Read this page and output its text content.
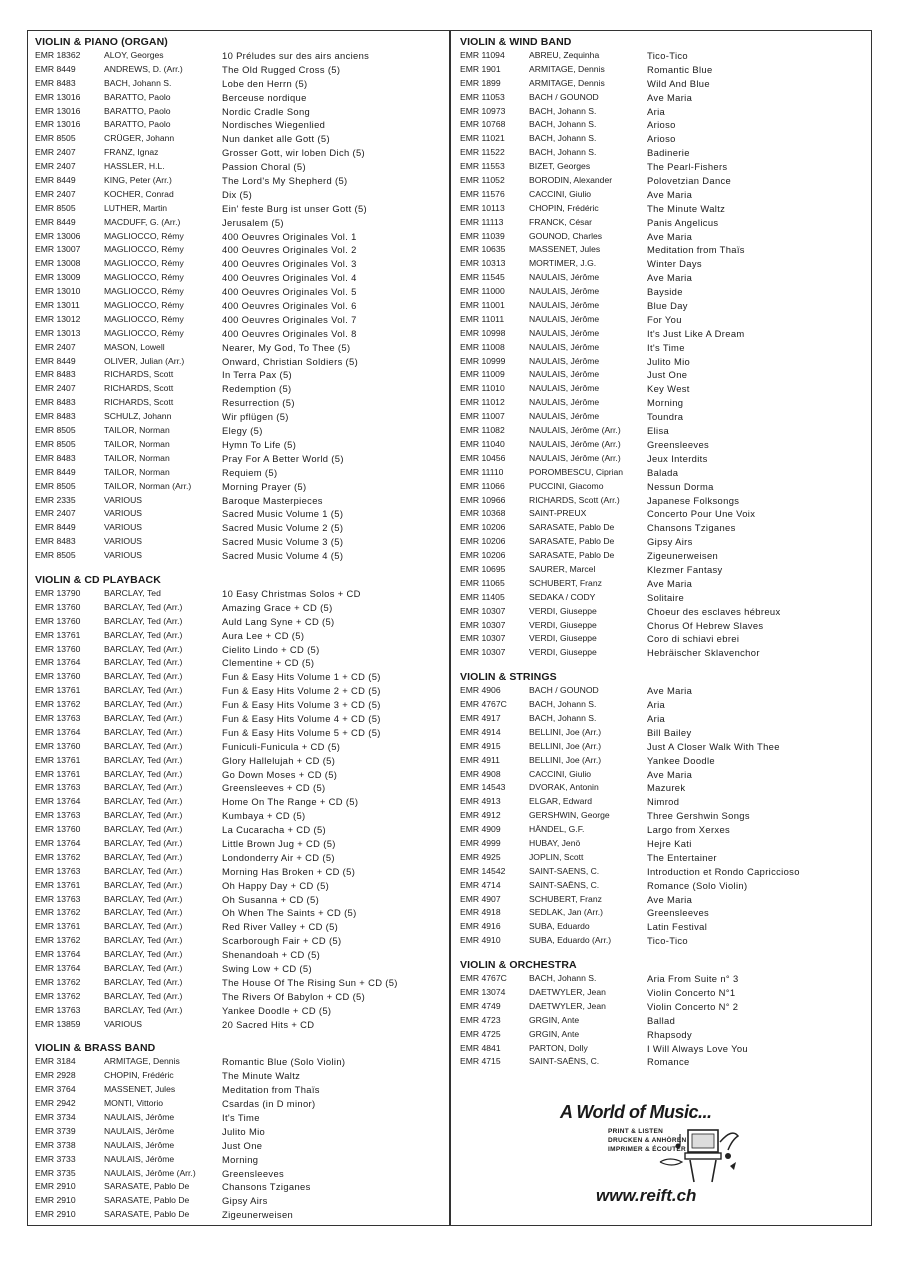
VIOLIN & PIANO (ORGAN)
EMR 18362	ALOY, Georges	10 Préludes sur des airs anciens
EMR 8449	ANDREWS, D. (Arr.)	The Old Rugged Cross (5)
EMR 8483	BACH, Johann S.	Lobe den Herrn (5)
EMR 13016	BARATTO, Paolo	Berceuse nordique
EMR 13016	BARATTO, Paolo	Nordic Cradle Song
EMR 13016	BARATTO, Paolo	Nordisches Wiegenlied
EMR 8505	CRÜGER, Johann	Nun danket alle Gott (5)
EMR 2407	FRANZ, Ignaz	Grosser Gott, wir loben Dich (5)
EMR 2407	HASSLER, H.L.	Passion Choral (5)
EMR 8449	KING, Peter (Arr.)	The Lord's My Shepherd (5)
EMR 2407	KOCHER, Conrad	Dix (5)
EMR 8505	LUTHER, Martin	Ein' feste Burg ist unser Gott (5)
EMR 8449	MACDUFF, G. (Arr.)	Jerusalem (5)
EMR 13006	MAGLIOCCO, Rémy	400 Oeuvres Originales Vol. 1
EMR 13007	MAGLIOCCO, Rémy	400 Oeuvres Originales Vol. 2
EMR 13008	MAGLIOCCO, Rémy	400 Oeuvres Originales Vol. 3
EMR 13009	MAGLIOCCO, Rémy	400 Oeuvres Originales Vol. 4
EMR 13010	MAGLIOCCO, Rémy	400 Oeuvres Originales Vol. 5
EMR 13011	MAGLIOCCO, Rémy	400 Oeuvres Originales Vol. 6
EMR 13012	MAGLIOCCO, Rémy	400 Oeuvres Originales Vol. 7
EMR 13013	MAGLIOCCO, Rémy	400 Oeuvres Originales Vol. 8
EMR 2407	MASON, Lowell	Nearer, My God, To Thee (5)
EMR 8449	OLIVER, Julian (Arr.)	Onward, Christian Soldiers (5)
EMR 8483	RICHARDS, Scott	In Terra Pax (5)
EMR 2407	RICHARDS, Scott	Redemption (5)
EMR 8483	RICHARDS, Scott	Resurrection (5)
EMR 8483	SCHULZ, Johann	Wir pflügen (5)
EMR 8505	TAILOR, Norman	Elegy (5)
EMR 8505	TAILOR, Norman	Hymn To Life (5)
EMR 8483	TAILOR, Norman	Pray For A Better World (5)
EMR 8449	TAILOR, Norman	Requiem (5)
EMR 8505	TAILOR, Norman (Arr.)	Morning Prayer (5)
EMR 2335	VARIOUS	Baroque Masterpieces
EMR 2407	VARIOUS	Sacred Music Volume 1 (5)
EMR 8449	VARIOUS	Sacred Music Volume 2 (5)
EMR 8483	VARIOUS	Sacred Music Volume 3 (5)
EMR 8505	VARIOUS	Sacred Music Volume 4 (5)
VIOLIN & CD PLAYBACK
EMR 13790	BARCLAY, Ted	10 Easy Christmas Solos + CD
EMR 13760	BARCLAY, Ted (Arr.)	Amazing Grace + CD (5)
EMR 13760	BARCLAY, Ted (Arr.)	Auld Lang Syne + CD (5)
EMR 13761	BARCLAY, Ted (Arr.)	Aura Lee + CD (5)
EMR 13760	BARCLAY, Ted (Arr.)	Cielito Lindo + CD (5)
EMR 13764	BARCLAY, Ted (Arr.)	Clementine + CD (5)
EMR 13760	BARCLAY, Ted (Arr.)	Fun & Easy Hits Volume 1 + CD (5)
EMR 13761	BARCLAY, Ted (Arr.)	Fun & Easy Hits Volume 2 + CD (5)
EMR 13762	BARCLAY, Ted (Arr.)	Fun & Easy Hits Volume 3 + CD (5)
EMR 13763	BARCLAY, Ted (Arr.)	Fun & Easy Hits Volume 4 + CD (5)
EMR 13764	BARCLAY, Ted (Arr.)	Fun & Easy Hits Volume 5 + CD (5)
EMR 13760	BARCLAY, Ted (Arr.)	Funiculi-Funicula + CD (5)
EMR 13761	BARCLAY, Ted (Arr.)	Glory Hallelujah + CD (5)
EMR 13761	BARCLAY, Ted (Arr.)	Go Down Moses + CD (5)
EMR 13763	BARCLAY, Ted (Arr.)	Greensleeves + CD (5)
EMR 13764	BARCLAY, Ted (Arr.)	Home On The Range + CD (5)
EMR 13763	BARCLAY, Ted (Arr.)	Kumbaya + CD (5)
EMR 13760	BARCLAY, Ted (Arr.)	La Cucaracha + CD (5)
EMR 13764	BARCLAY, Ted (Arr.)	Little Brown Jug + CD (5)
EMR 13762	BARCLAY, Ted (Arr.)	Londonderry Air + CD (5)
EMR 13763	BARCLAY, Ted (Arr.)	Morning Has Broken + CD (5)
EMR 13761	BARCLAY, Ted (Arr.)	Oh Happy Day + CD (5)
EMR 13763	BARCLAY, Ted (Arr.)	Oh Susanna + CD (5)
EMR 13762	BARCLAY, Ted (Arr.)	Oh When The Saints + CD (5)
EMR 13761	BARCLAY, Ted (Arr.)	Red River Valley + CD (5)
EMR 13762	BARCLAY, Ted (Arr.)	Scarborough Fair + CD (5)
EMR 13764	BARCLAY, Ted (Arr.)	Shenandoah + CD (5)
EMR 13764	BARCLAY, Ted (Arr.)	Swing Low + CD (5)
EMR 13762	BARCLAY, Ted (Arr.)	The House Of The Rising Sun + CD (5)
EMR 13762	BARCLAY, Ted (Arr.)	The Rivers Of Babylon + CD (5)
EMR 13763	BARCLAY, Ted (Arr.)	Yankee Doodle + CD (5)
EMR 13859	VARIOUS	20 Sacred Hits + CD
VIOLIN & BRASS BAND
EMR 3184	ARMITAGE, Dennis	Romantic Blue (Solo Violin)
EMR 2928	CHOPIN, Frédéric	The Minute Waltz
EMR 3764	MASSENET, Jules	Meditation from Thaïs
EMR 2942	MONTI, Vittorio	Csardas (in D minor)
EMR 3734	NAULAIS, Jérôme	It's Time
EMR 3739	NAULAIS, Jérôme	Julito Mio
EMR 3738	NAULAIS, Jérôme	Just One
EMR 3733	NAULAIS, Jérôme	Morning
EMR 3735	NAULAIS, Jérôme (Arr.)	Greensleeves
EMR 2910	SARASATE, Pablo De	Chansons Tziganes
EMR 2910	SARASATE, Pablo De	Gipsy Airs
EMR 2910	SARASATE, Pablo De	Zigeunerweisen
VIOLIN & WIND BAND
EMR 11094	ABREU, Zequinha	Tico-Tico
EMR 1901	ARMITAGE, Dennis	Romantic Blue
EMR 1899	ARMITAGE, Dennis	Wild And Blue
EMR 11053	BACH / GOUNOD	Ave Maria
EMR 10973	BACH, Johann S.	Aria
EMR 10768	BACH, Johann S.	Arioso
EMR 11021	BACH, Johann S.	Arioso
EMR 11522	BACH, Johann S.	Badinerie
EMR 11553	BIZET, Georges	The Pearl-Fishers
EMR 11052	BORODIN, Alexander	Polovetzian Dance
EMR 11576	CACCINI, Giulio	Ave Maria
EMR 10113	CHOPIN, Frédéric	The Minute Waltz
EMR 11113	FRANCK, César	Panis Angelicus
EMR 11039	GOUNOD, Charles	Ave Maria
EMR 10635	MASSENET, Jules	Meditation from Thaïs
EMR 10313	MORTIMER, J.G.	Winter Days
EMR 11545	NAULAIS, Jérôme	Ave Maria
EMR 11000	NAULAIS, Jérôme	Bayside
EMR 11001	NAULAIS, Jérôme	Blue Day
EMR 11011	NAULAIS, Jérôme	For You
EMR 10998	NAULAIS, Jérôme	It's Just Like A Dream
EMR 11008	NAULAIS, Jérôme	It's Time
EMR 10999	NAULAIS, Jérôme	Julito Mio
EMR 11009	NAULAIS, Jérôme	Just One
EMR 11010	NAULAIS, Jérôme	Key West
EMR 11012	NAULAIS, Jérôme	Morning
EMR 11007	NAULAIS, Jérôme	Toundra
EMR 11082	NAULAIS, Jérôme (Arr.)	Elisa
EMR 11040	NAULAIS, Jérôme (Arr.)	Greensleeves
EMR 10456	NAULAIS, Jérôme (Arr.)	Jeux Interdits
EMR 11110	POROMBESCU, Ciprian	Balada
EMR 11066	PUCCINI, Giacomo	Nessun Dorma
EMR 10966	RICHARDS, Scott (Arr.)	Japanese Folksongs
EMR 10368	SAINT-PREUX	Concerto Pour Une Voix
EMR 10206	SARASATE, Pablo De	Chansons Tziganes
EMR 10206	SARASATE, Pablo De	Gipsy Airs
EMR 10206	SARASATE, Pablo De	Zigeunerweisen
EMR 10695	SAURER, Marcel	Klezmer Fantasy
EMR 11065	SCHUBERT, Franz	Ave Maria
EMR 11405	SEDAKA / CODY	Solitaire
EMR 10307	VERDI, Giuseppe	Choeur des esclaves hébreux
EMR 10307	VERDI, Giuseppe	Chorus Of Hebrew Slaves
EMR 10307	VERDI, Giuseppe	Coro di schiavi ebrei
EMR 10307	VERDI, Giuseppe	Hebräischer Sklavenchor
VIOLIN & STRINGS
EMR 4906	BACH / GOUNOD	Ave Maria
EMR 4767C	BACH, Johann S.	Aria
EMR 4917	BACH, Johann S.	Aria
EMR 4914	BELLINI, Joe (Arr.)	Bill Bailey
EMR 4915	BELLINI, Joe (Arr.)	Just A Closer Walk With Thee
EMR 4911	BELLINI, Joe (Arr.)	Yankee Doodle
EMR 4908	CACCINI, Giulio	Ave Maria
EMR 14543	DVORAK, Antonin	Mazurek
EMR 4913	ELGAR, Edward	Nimrod
EMR 4912	GERSHWIN, George	Three Gershwin Songs
EMR 4909	HÄNDEL, G.F.	Largo from Xerxes
EMR 4999	HUBAY, Jenö	Hejre Kati
EMR 4925	JOPLIN, Scott	The Entertainer
EMR 14542	SAINT-SAENS, C.	Introduction et Rondo Capriccioso
EMR 4714	SAINT-SAËNS, C.	Romance (Solo Violin)
EMR 4907	SCHUBERT, Franz	Ave Maria
EMR 4918	SEDLAK, Jan (Arr.)	Greensleeves
EMR 4916	SUBA, Eduardo	Latin Festival
EMR 4910	SUBA, Eduardo (Arr.)	Tico-Tico
VIOLIN & ORCHESTRA
EMR 4767C	BACH, Johann S.	Aria From Suite n° 3
EMR 13074	DAETWYLER, Jean	Violin Concerto N°1
EMR 4749	DAETWYLER, Jean	Violin Concerto N° 2
EMR 4723	GRGIN, Ante	Ballad
EMR 4725	GRGIN, Ante	Rhapsody
EMR 4841	PARTON, Dolly	I Will Always Love You
EMR 4715	SAINT-SAËNS, C.	Romance
A World of Music...
PRINT & LISTEN
DRUCKEN & ANHÖREN
IMPRIMER & ÉCOUTER
www.reift.ch
